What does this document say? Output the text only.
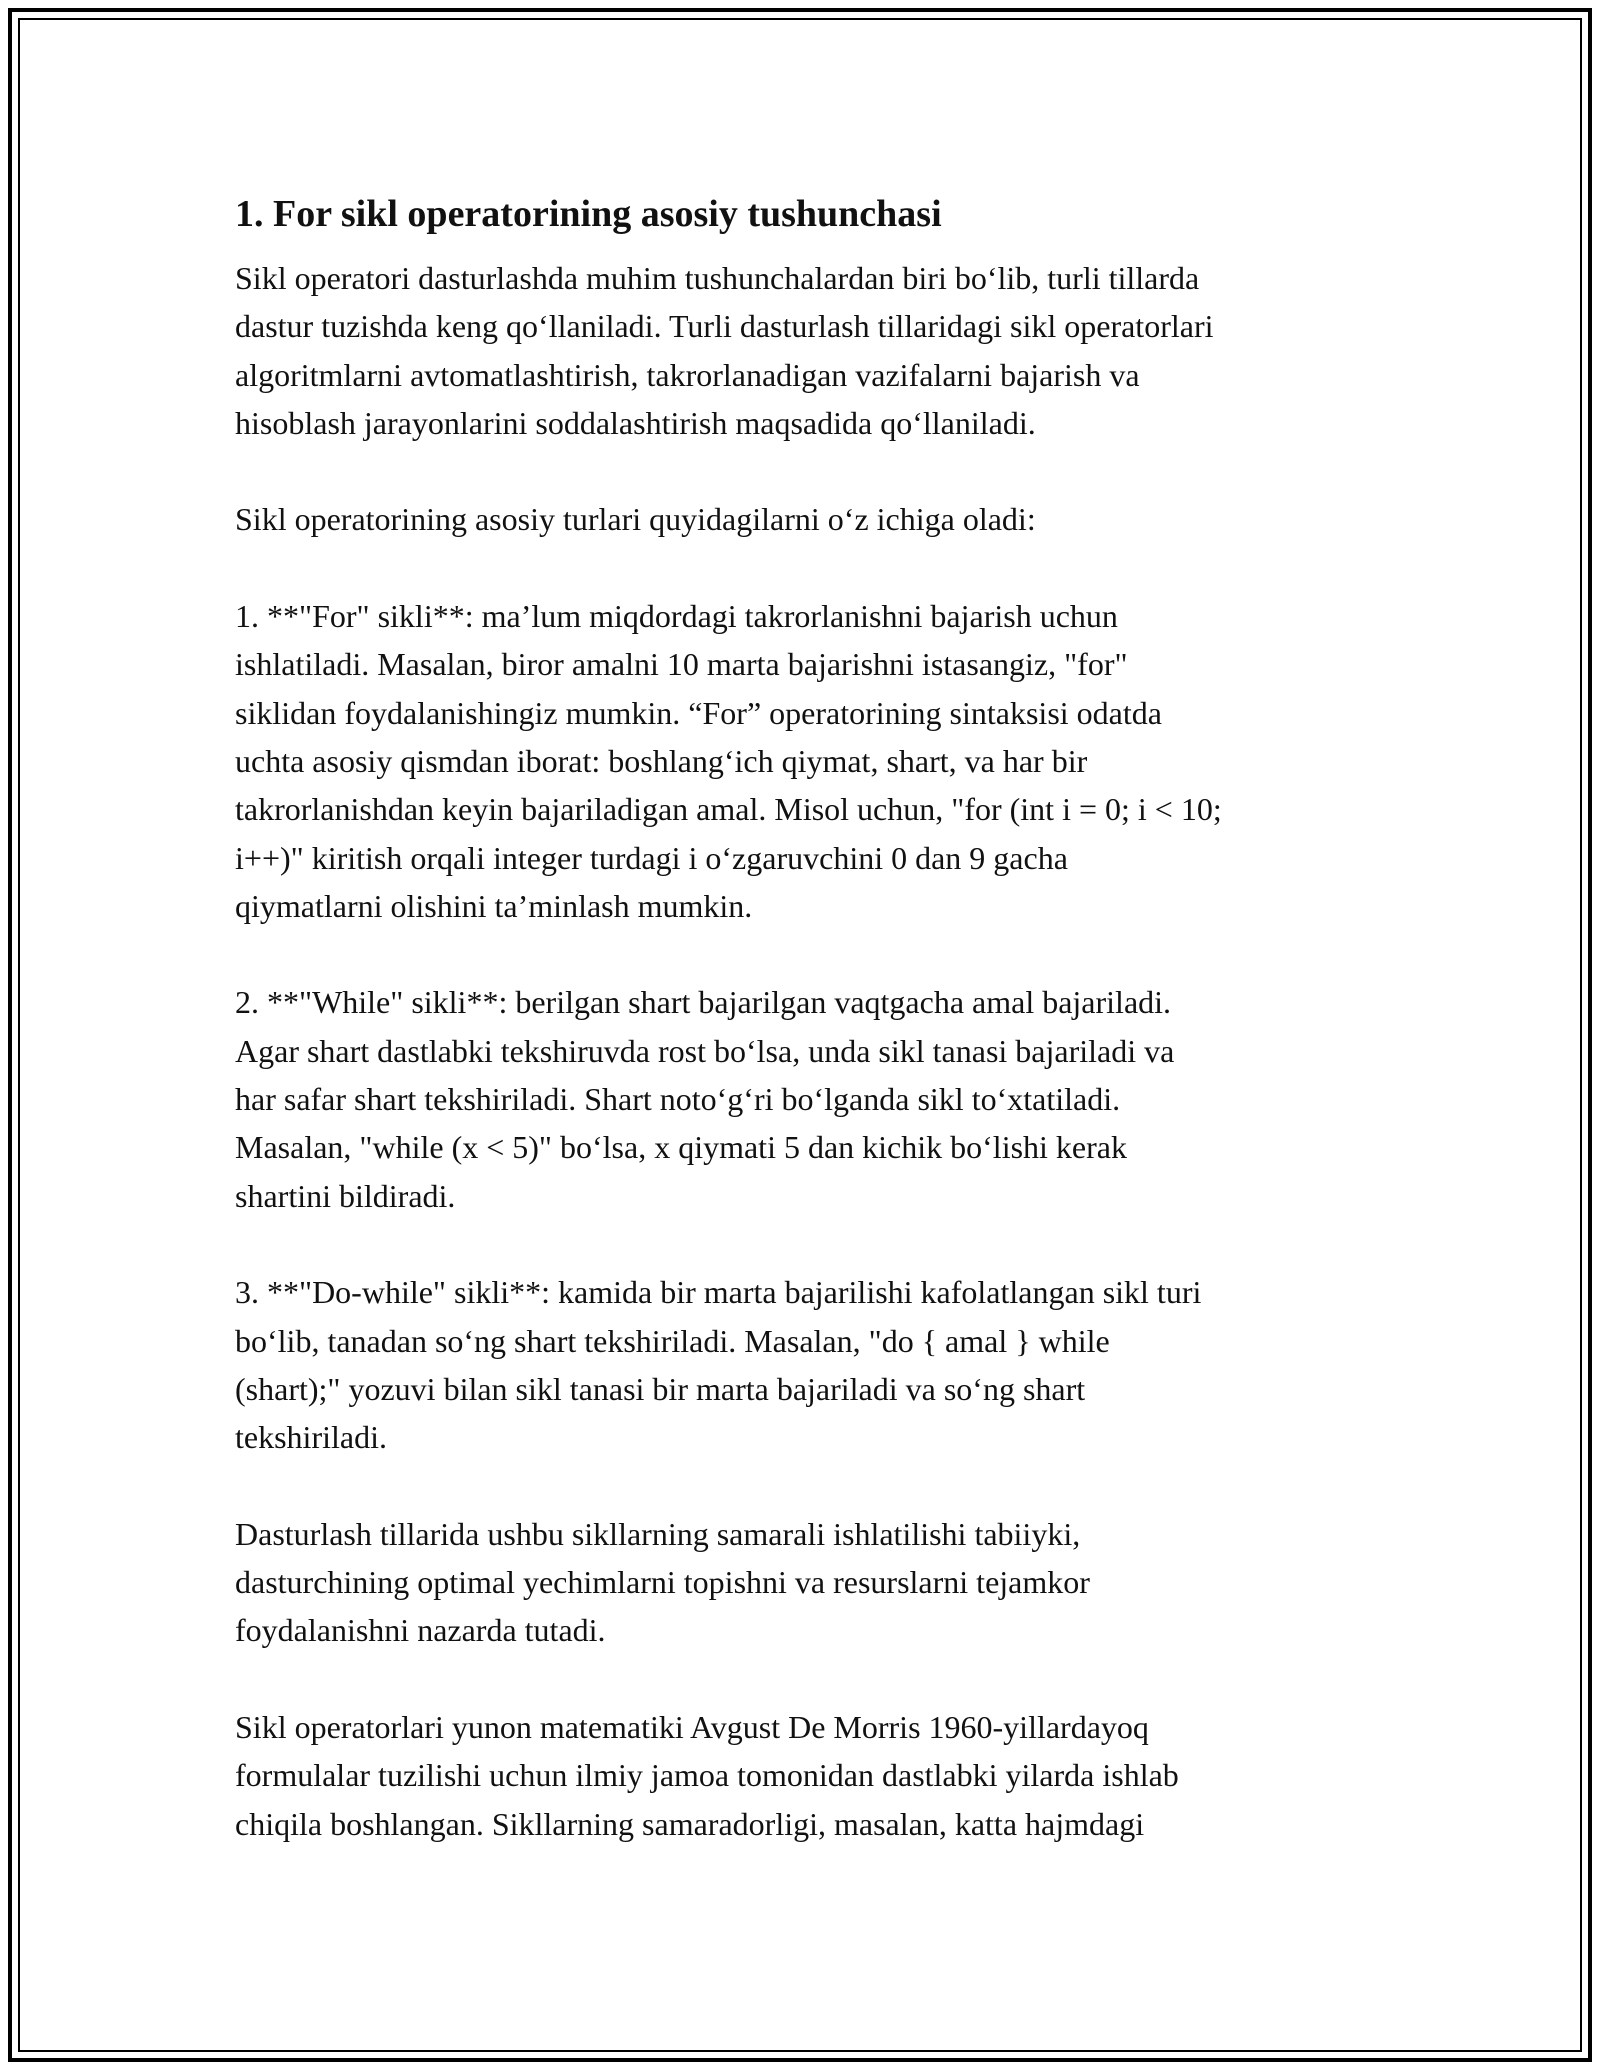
1. For sikl operatorining asosiy tushunchasi

Sikl operatori dasturlashda muhim tushunchalardan biri bo‘lib, turli tillarda
dastur tuzishda keng qo‘llaniladi. Turli dasturlash tillaridagi sikl operatorlari
algoritmlarni avtomatlashtirish, takrorlanadigan vazifalarni bajarish va
hisoblash jarayonlarini soddalashtirish maqsadida qo‘llaniladi.

Sikl operatorining asosiy turlari quyidagilarni o‘z ichiga oladi:

1. **"For" sikli**: ma’lum miqdordagi takrorlanishni bajarish uchun
ishlatiladi. Masalan, biror amalni 10 marta bajarishni istasangiz, "for"
siklidan foydalanishingiz mumkin. “For” operatorining sintaksisi odatda
uchta asosiy qismdan iborat: boshlang‘ich qiymat, shart, va har bir
takrorlanishdan keyin bajariladigan amal. Misol uchun, "for (int i = 0; i < 10;
i++)" kiritish orqali integer turdagi i o‘zgaruvchini 0 dan 9 gacha
qiymatlarni olishini ta’minlash mumkin.

2. **"While" sikli**: berilgan shart bajarilgan vaqtgacha amal bajariladi.
Agar shart dastlabki tekshiruvda rost bo‘lsa, unda sikl tanasi bajariladi va
har safar shart tekshiriladi. Shart noto‘g‘ri bo‘lganda sikl to‘xtatiladi.
Masalan, "while (x < 5)" bo‘lsa, x qiymati 5 dan kichik bo‘lishi kerak
shartini bildiradi.

3. **"Do-while" sikli**: kamida bir marta bajarilishi kafolatlangan sikl turi
bo‘lib, tanadan so‘ng shart tekshiriladi. Masalan, "do { amal } while
(shart);" yozuvi bilan sikl tanasi bir marta bajariladi va so‘ng shart
tekshiriladi.

Dasturlash tillarida ushbu sikllarning samarali ishlatilishi tabiiyki,
dasturchining optimal yechimlarni topishni va resurslarni tejamkor
foydalanishni nazarda tutadi.

Sikl operatorlari yunon matematiki Avgust De Morris 1960-yillardayoq
formulalar tuzilishi uchun ilmiy jamoa tomonidan dastlabki yilarda ishlab
chiqila boshlangan. Sikllarning samaradorligi, masalan, katta hajmdagi
